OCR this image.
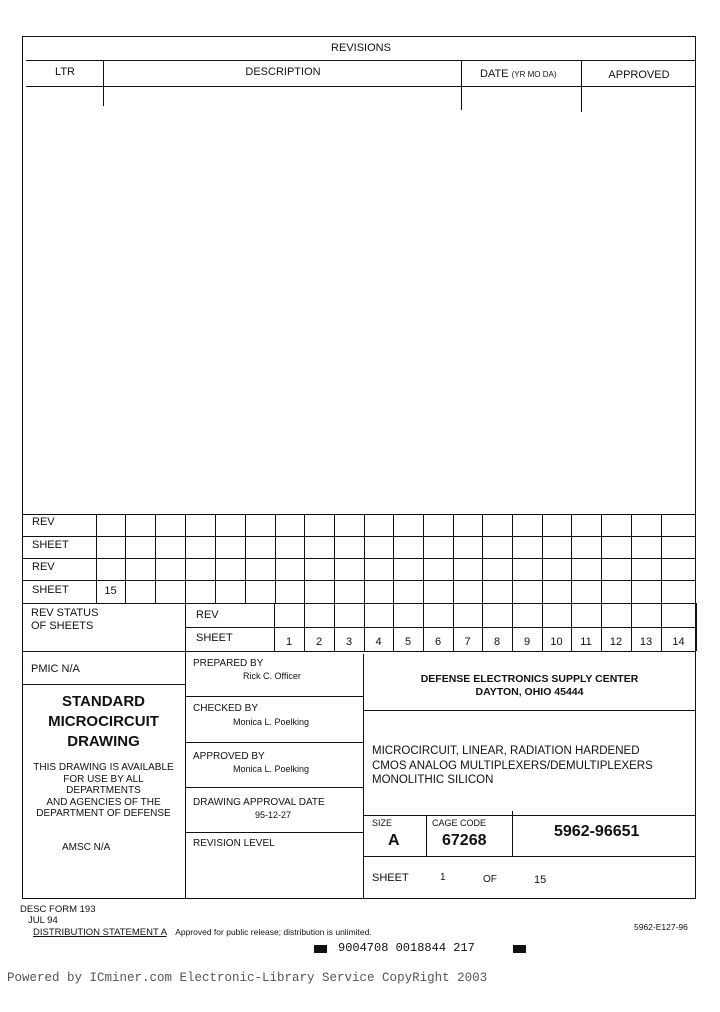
REVISIONS
LTR	DESCRIPTION	DATE (YR MO DA)	APPROVED
REV
SHEET
REV
SHEET	15
REV STATUS
OF SHEETS
REV
SHEET	1	2	3	4	5	6	7	8	9	10	11	12	13	14
PMIC N/A
STANDARD
MICROCIRCUIT
DRAWING
THIS DRAWING IS AVAILABLE
FOR USE BY ALL
DEPARTMENTS
AND AGENCIES OF THE
DEPARTMENT OF DEFENSE
AMSC N/A
PREPARED BY
Rick C. Officer
CHECKED BY
Monica L. Poelking
APPROVED BY
Monica L. Poelking
DRAWING APPROVAL DATE
95-12-27
REVISION LEVEL
DEFENSE ELECTRONICS SUPPLY CENTER
DAYTON, OHIO 45444
MICROCIRCUIT, LINEAR, RADIATION HARDENED
CMOS ANALOG MULTIPLEXERS/DEMULTIPLEXERS
MONOLITHIC SILICON
SIZE
A
CAGE CODE
67268
5962-96651
SHEET	1	OF	15
DESC FORM 193
JUL 94
DISTRIBUTION STATEMENT A Approved for public release; distribution is unlimited.	5962-E127-96
9004708 0018844 217
Powered by ICminer.com Electronic-Library Service CopyRight 2003
